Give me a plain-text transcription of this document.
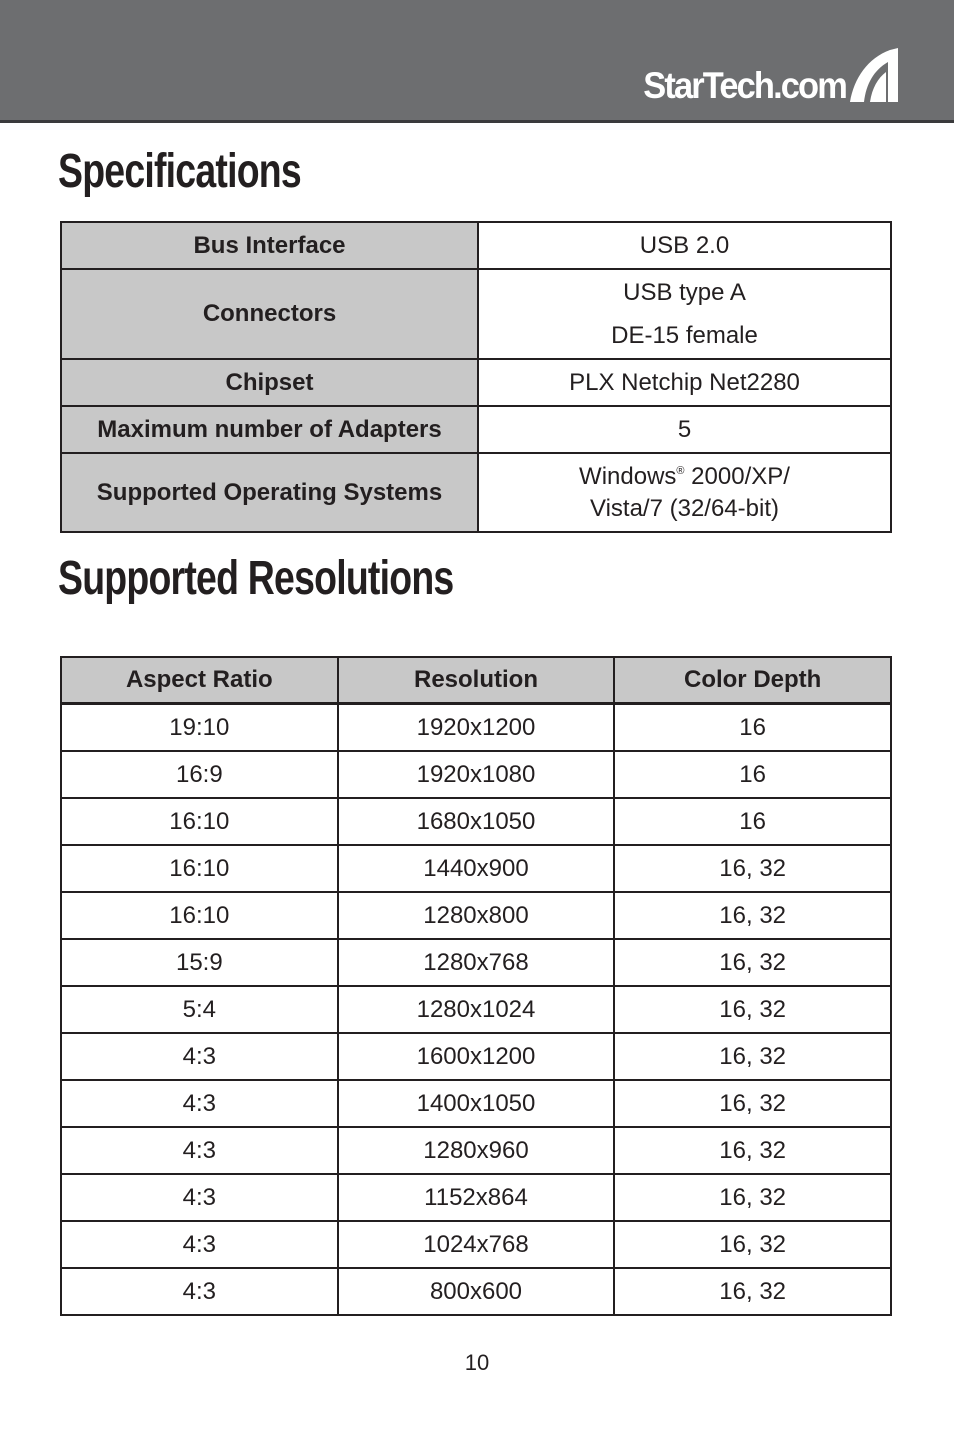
StarTech.com
Specifications
Bus Interface	USB 2.0
Connectors	USB type A
DE-15 female

Chipset	PLX Netchip Net2280
Maximum number of Adapters	5
Supported Operating Systems	Windows® 2000/XP/
Vista/7 (32/64-bit)
Supported Resolutions
Aspect Ratio	Resolution	Color Depth
19:10	1920x1200	16
16:9	1920x1080	16
16:10	1680x1050	16
16:10	1440x900	16, 32
16:10	1280x800	16, 32
15:9	1280x768	16, 32
5:4	1280x1024	16, 32
4:3	1600x1200	16, 32
4:3	1400x1050	16, 32
4:3	1280x960	16, 32
4:3	1152x864	16, 32
4:3	1024x768	16, 32
4:3	800x600	16, 32
10
